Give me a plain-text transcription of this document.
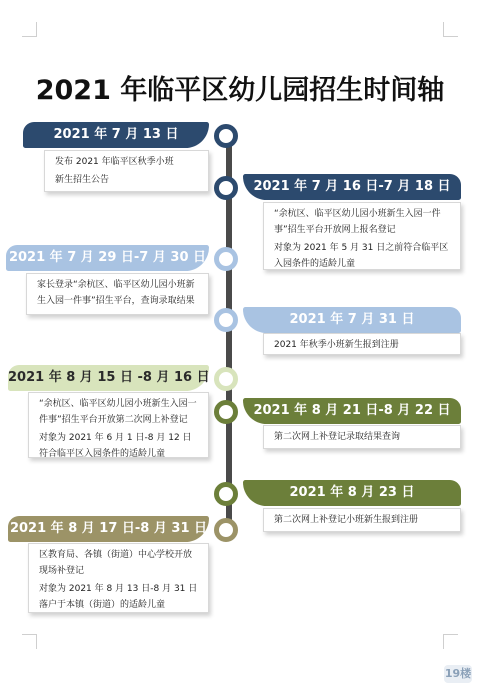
2021 年临平区幼儿园招生时间轴
2021 年 7 月 13 日

发布 2021 年临平区秋季小班

新生招生公告	2021 年 7 月 16 日-7 月 18 日

“余杭区、临平区幼儿园小班新生入园一件事”招生平台开放网上报名登记

对象为 2021 年 5 月 31 日之前符合临平区入园条件的适龄儿童

2021 年 7 月 29 日-7 月 30 日

家长登录“余杭区、临平区幼儿园小班新生入园一件事”招生平台，查询录取结果

2021 年 7 月 31 日

2021 年秋季小班新生报到注册

2021 年 8 月 15 日 -8 月 16 日

“余杭区、临平区幼儿园小班新生入园一件事”招生平台开放第二次网上补登记

对象为 2021 年 6 月 1 日-8 月 12 日符合临平区入园条件的适龄儿童

2021 年 8 月 21 日-8 月 22 日

第二次网上补登记录取结果查询

2021 年 8 月 23 日

第二次网上补登记小班新生报到注册

2021 年 8 月 17 日-8 月 31 日

区教育局、各镇（街道）中心学校开放现场补登记

对象为 2021 年 8 月 13 日-8 月 31 日落户于本镇（街道）的适龄儿童

19楼
